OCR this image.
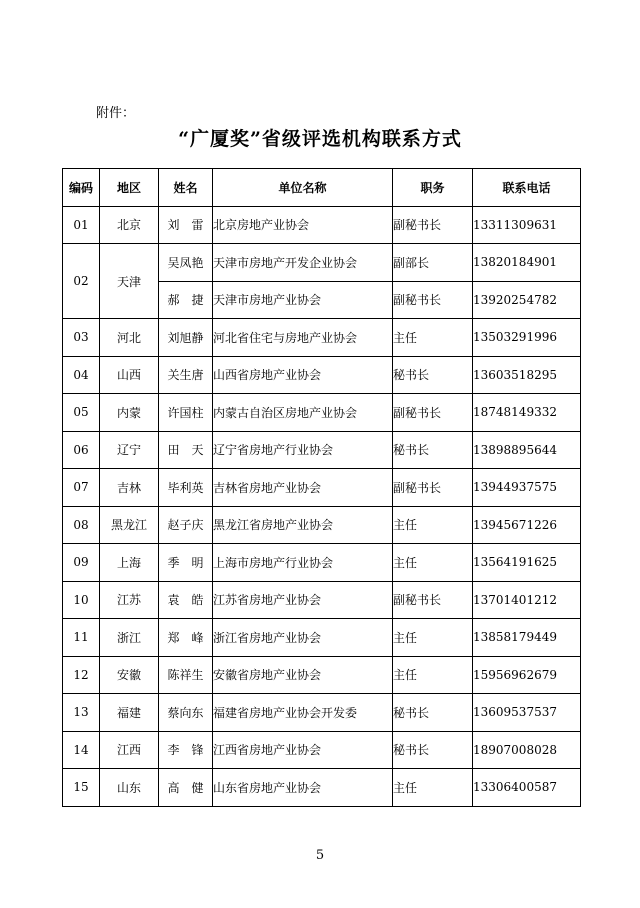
附件：
“广厦奖”省级评选机构联系方式
编码	地区	姓名	单位名称	职务	联系电话
01	北京	刘　雷	北京房地产业协会	副秘书长	13311309631
02	天津	吴凤艳	天津市房地产开发企业协会	副部长	13820184901
		郝　捷	天津市房地产业协会	副秘书长	13920254782
03	河北	刘旭静	河北省住宅与房地产业协会	主任	13503291996
04	山西	关生唐	山西省房地产业协会	秘书长	13603518295
05	内蒙	许国柱	内蒙古自治区房地产业协会	副秘书长	18748149332
06	辽宁	田　天	辽宁省房地产行业协会	秘书长	13898895644
07	吉林	毕利英	吉林省房地产业协会	副秘书长	13944937575
08	黑龙江	赵子庆	黑龙江省房地产业协会	主任	13945671226
09	上海	季　明	上海市房地产行业协会	主任	13564191625
10	江苏	袁　皓	江苏省房地产业协会	副秘书长	13701401212
11	浙江	郑　峰	浙江省房地产业协会	主任	13858179449
12	安徽	陈祥生	安徽省房地产业协会	主任	15956962679
13	福建	蔡向东	福建省房地产业协会开发委	秘书长	13609537537
14	江西	李　锋	江西省房地产业协会	秘书长	18907008028
15	山东	高　健	山东省房地产业协会	主任	13306400587
5
